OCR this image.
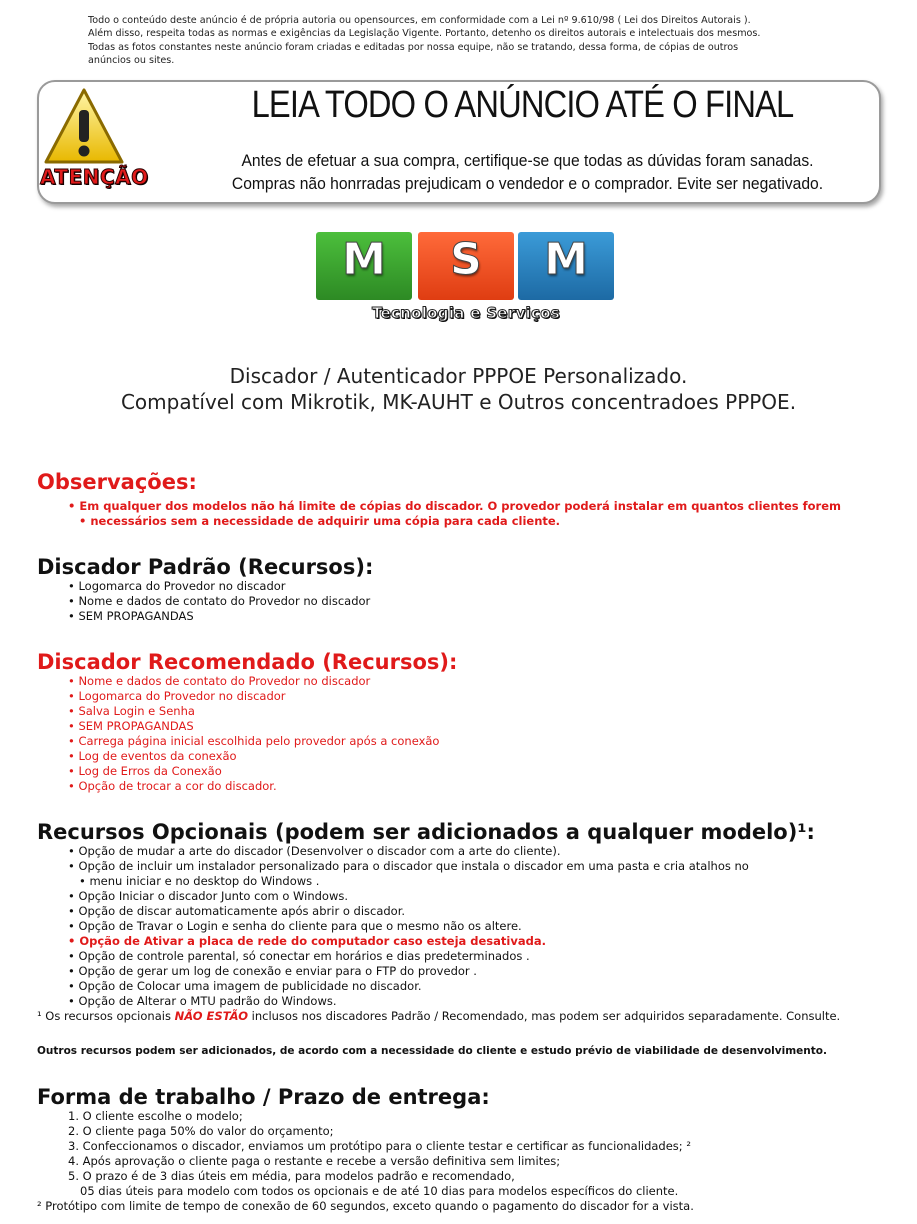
Todo o conteúdo deste anúncio é de própria autoria ou opensources, em conformidade com a Lei nº 9.610/98 ( Lei dos Direitos Autorais ).

Além disso, respeita todas as normas e exigências da Legislação Vigente. Portanto, detenho os direitos autorais e intelectuais dos mesmos.

Todas as fotos constantes neste anúncio foram criadas e editadas por nossa equipe, não se tratando, dessa forma, de cópias de outros

anúncios ou sites.

ATENÇÃO
LEIA TODO O ANÚNCIO ATÉ O FINAL
Antes de efetuar a sua compra, certifique-se que todas as dúvidas foram sanadas.
Compras não honrradas prejudicam o vendedor e o comprador. Evite ser negativado.
M	S	M
Tecnologia e Serviços
Discador / Autenticador PPPOE Personalizado.
Compatível com Mikrotik, MK-AUHT e Outros concentradoes PPPOE.
Observações:
• Em qualquer dos modelos não há limite de cópias do discador. O provedor poderá instalar em quantos clientes forem
• necessários sem a necessidade de adquirir uma cópia para cada cliente.
Discador Padrão (Recursos):
• Logomarca do Provedor no discador
• Nome e dados de contato do Provedor no discador
• SEM PROPAGANDAS
Discador Recomendado (Recursos):
• Nome e dados de contato do Provedor no discador
• Logomarca do Provedor no discador
• Salva Login e Senha
• SEM PROPAGANDAS
• Carrega página inicial escolhida pelo provedor após a conexão
• Log de eventos da conexão
• Log de Erros da Conexão
• Opção de trocar a cor do discador.
Recursos Opcionais (podem ser adicionados a qualquer modelo)¹:
• Opção de mudar a arte do discador (Desenvolver o discador com a arte do cliente).
• Opção de incluir um instalador personalizado para o discador que instala o discador em uma pasta e cria atalhos no
• menu iniciar e no desktop do Windows .
• Opção Iniciar o discador Junto com o Windows.
• Opção de discar automaticamente após abrir o discador.
• Opção de Travar o Login e senha do cliente para que o mesmo não os altere.
• Opção de Ativar a placa de rede do computador caso esteja desativada.
• Opção de controle parental, só conectar em horários e dias predeterminados .
• Opção de gerar um log de conexão e enviar para o FTP do provedor .
• Opção de Colocar uma imagem de publicidade no discador.
• Opção de Alterar o MTU padrão do Windows.
¹ Os recursos opcionais NÃO ESTÃO inclusos nos discadores Padrão / Recomendado, mas podem ser adquiridos separadamente. Consulte.
Outros recursos podem ser adicionados, de acordo com a necessidade do cliente e estudo prévio de viabilidade de desenvolvimento.
Forma de trabalho / Prazo de entrega:
1. O cliente escolhe o modelo;
2. O cliente paga 50% do valor do orçamento;
3. Confeccionamos o discador, enviamos um protótipo para o cliente testar e certificar as funcionalidades; ²
4. Após aprovação o cliente paga o restante e recebe a versão definitiva sem limites;
5. O prazo é de 3 dias úteis em média, para modelos padrão e recomendado,
05 dias úteis para modelo com todos os opcionais e de até 10 dias para modelos específicos do cliente.
² Protótipo com limite de tempo de conexão de 60 segundos, exceto quando o pagamento do discador for a vista.
